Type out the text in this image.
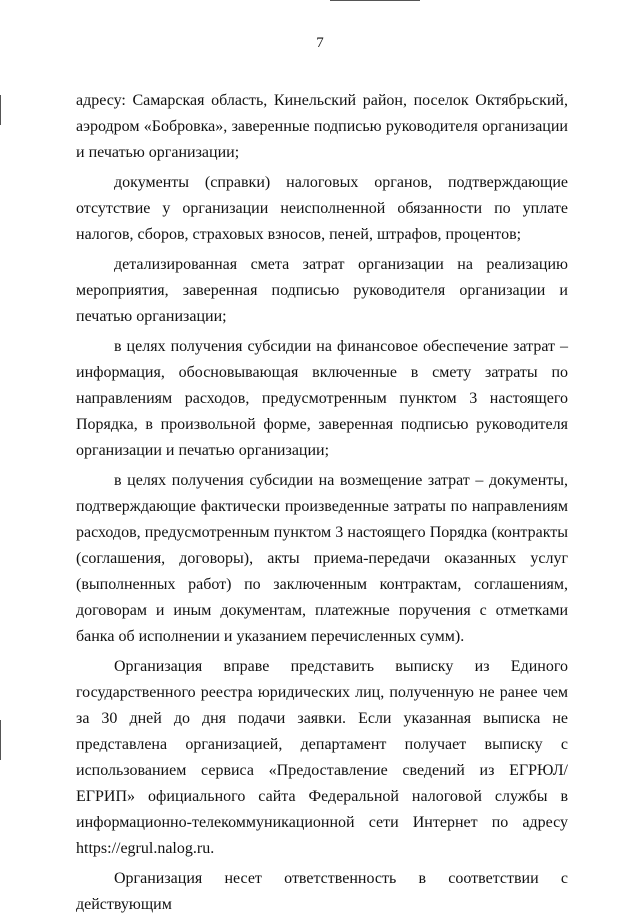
7

адресу: Самарская область, Кинельский район, поселок Октябрьский, аэродром «Бобровка», заверенные подписью руководителя организации и печатью организации;

документы (справки) налоговых органов, подтверждающие отсутствие у организации неисполненной обязанности по уплате налогов, сборов, страховых взносов, пеней, штрафов, процентов;

детализированная смета затрат организации на реализацию мероприятия, заверенная подписью руководителя организации и печатью организации;

в целях получения субсидии на финансовое обеспечение затрат – информация, обосновывающая включенные в смету затраты по направлениям расходов, предусмотренным пунктом 3 настоящего Порядка, в произвольной форме, заверенная подписью руководителя организации и печатью организации;

в целях получения субсидии на возмещение затрат – документы, подтверждающие фактически произведенные затраты по направлениям расходов, предусмотренным пунктом 3 настоящего Порядка (контракты (соглашения, договоры), акты приема-передачи оказанных услуг (выполненных работ) по заключенным контрактам, соглашениям, договорам и иным документам, платежные поручения с отметками банка об исполнении и указанием перечисленных сумм).

Организация вправе представить выписку из Единого государственного реестра юридических лиц, полученную не ранее чем за 30 дней до дня подачи заявки. Если указанная выписка не представлена организацией, департамент получает выписку с использованием сервиса «Предоставление сведений из ЕГРЮЛ/ЕГРИП» официального сайта Федеральной налоговой службы в информационно-телекоммуникационной сети Интернет по адресу https://egrul.nalog.ru.

Организация несет ответственность в соответствии с действующим
